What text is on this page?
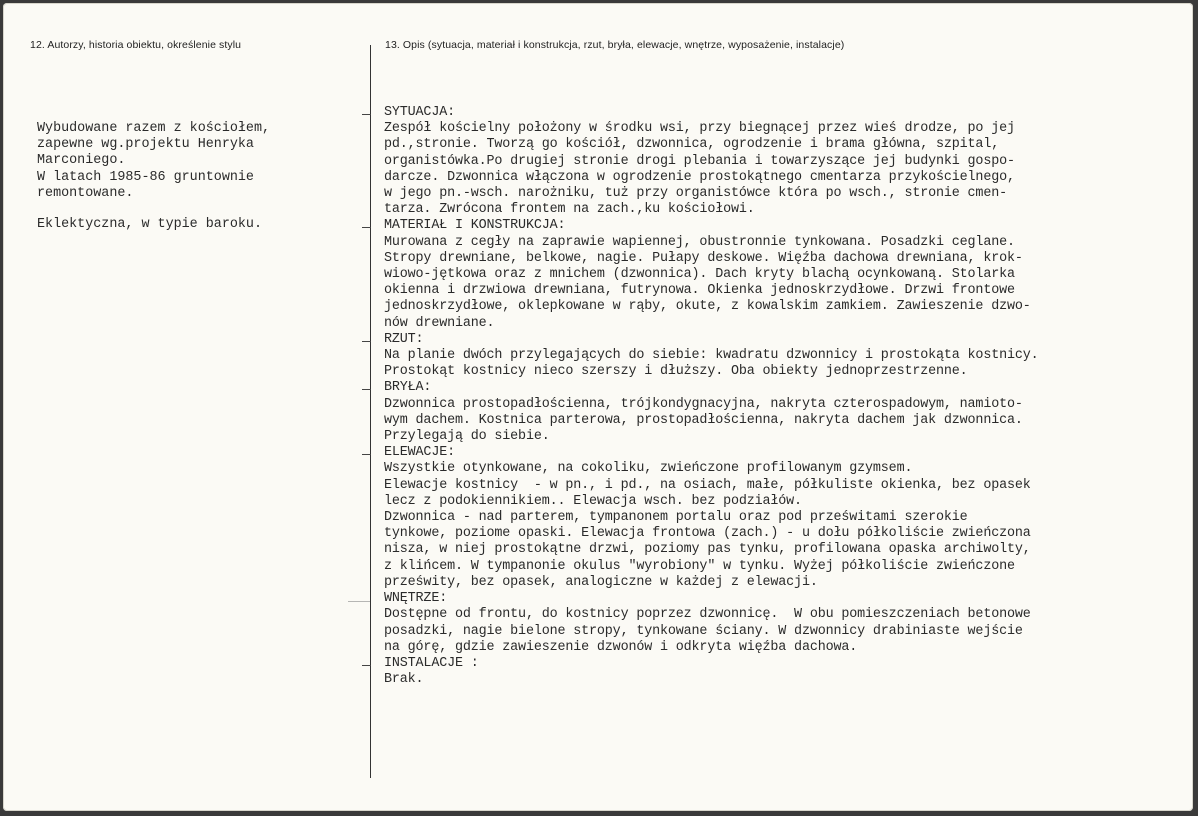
12. Autorzy, historia obiektu, określenie stylu	13. Opis (sytuacja, materiał i konstrukcja, rzut, bryła, elewacje, wnętrze, wyposażenie, instalacje)
Wybudowane razem z kościołem,
zapewne wg.projektu Henryka
Marconiego.
W latach 1985-86 gruntownie
remontowane.
Eklektyczna, w typie baroku.
SYTUACJA:
Zespół kościelny położony w środku wsi, przy biegnącej przez wieś drodze, po jej
pd.,stronie. Tworzą go kościół, dzwonnica, ogrodzenie i brama główna, szpital,
organistówka.Po drugiej stronie drogi plebania i towarzyszące jej budynki gospo-
darcze. Dzwonnica włączona w ogrodzenie prostokątnego cmentarza przykościelnego,
w jego pn.-wsch. narożniku, tuż przy organistówce która po wsch., stronie cmen-
tarza. Zwrócona frontem na zach.,ku kościołowi.
MATERIAŁ I KONSTRUKCJA:
Murowana z cegły na zaprawie wapiennej, obustronnie tynkowana. Posadzki ceglane.
Stropy drewniane, belkowe, nagie. Pułapy deskowe. Więźba dachowa drewniana, krok-
wiowo-jętkowa oraz z mnichem (dzwonnica). Dach kryty blachą ocynkowaną. Stolarka
okienna i drzwiowa drewniana, futrynowa. Okienka jednoskrzydłowe. Drzwi frontowe
jednoskrzydłowe, oklepkowane w rąby, okute, z kowalskim zamkiem. Zawieszenie dzwo-
nów drewniane.
RZUT:
Na planie dwóch przylegających do siebie: kwadratu dzwonnicy i prostokąta kostnicy.
Prostokąt kostnicy nieco szerszy i dłuższy. Oba obiekty jednoprzestrzenne.
BRYŁA:
Dzwonnica prostopadłościenna, trójkondygnacyjna, nakryta czterospadowym, namioto-
wym dachem. Kostnica parterowa, prostopadłościenna, nakryta dachem jak dzwonnica.
Przylegają do siebie.
ELEWACJE:
Wszystkie otynkowane, na cokoliku, zwieńczone profilowanym gzymsem.
Elewacje kostnicy  - w pn., i pd., na osiach, małe, półkuliste okienka, bez opasek
lecz z podokiennikiem.. Elewacja wsch. bez podziałów.
Dzwonnica - nad parterem, tympanonem portalu oraz pod prześwitami szerokie
tynkowe, poziome opaski. Elewacja frontowa (zach.) - u dołu półkoliście zwieńczona
nisza, w niej prostokątne drzwi, poziomy pas tynku, profilowana opaska archiwolty,
z klińcem. W tympanonie okulus "wyrobiony" w tynku. Wyżej półkoliście zwieńczone
prześwity, bez opasek, analogiczne w każdej z elewacji.
WNĘTRZE:
Dostępne od frontu, do kostnicy poprzez dzwonnicę.  W obu pomieszczeniach betonowe
posadzki, nagie bielone stropy, tynkowane ściany. W dzwonnicy drabiniaste wejście
na górę, gdzie zawieszenie dzwonów i odkryta więźba dachowa.
INSTALACJE :
Brak.
